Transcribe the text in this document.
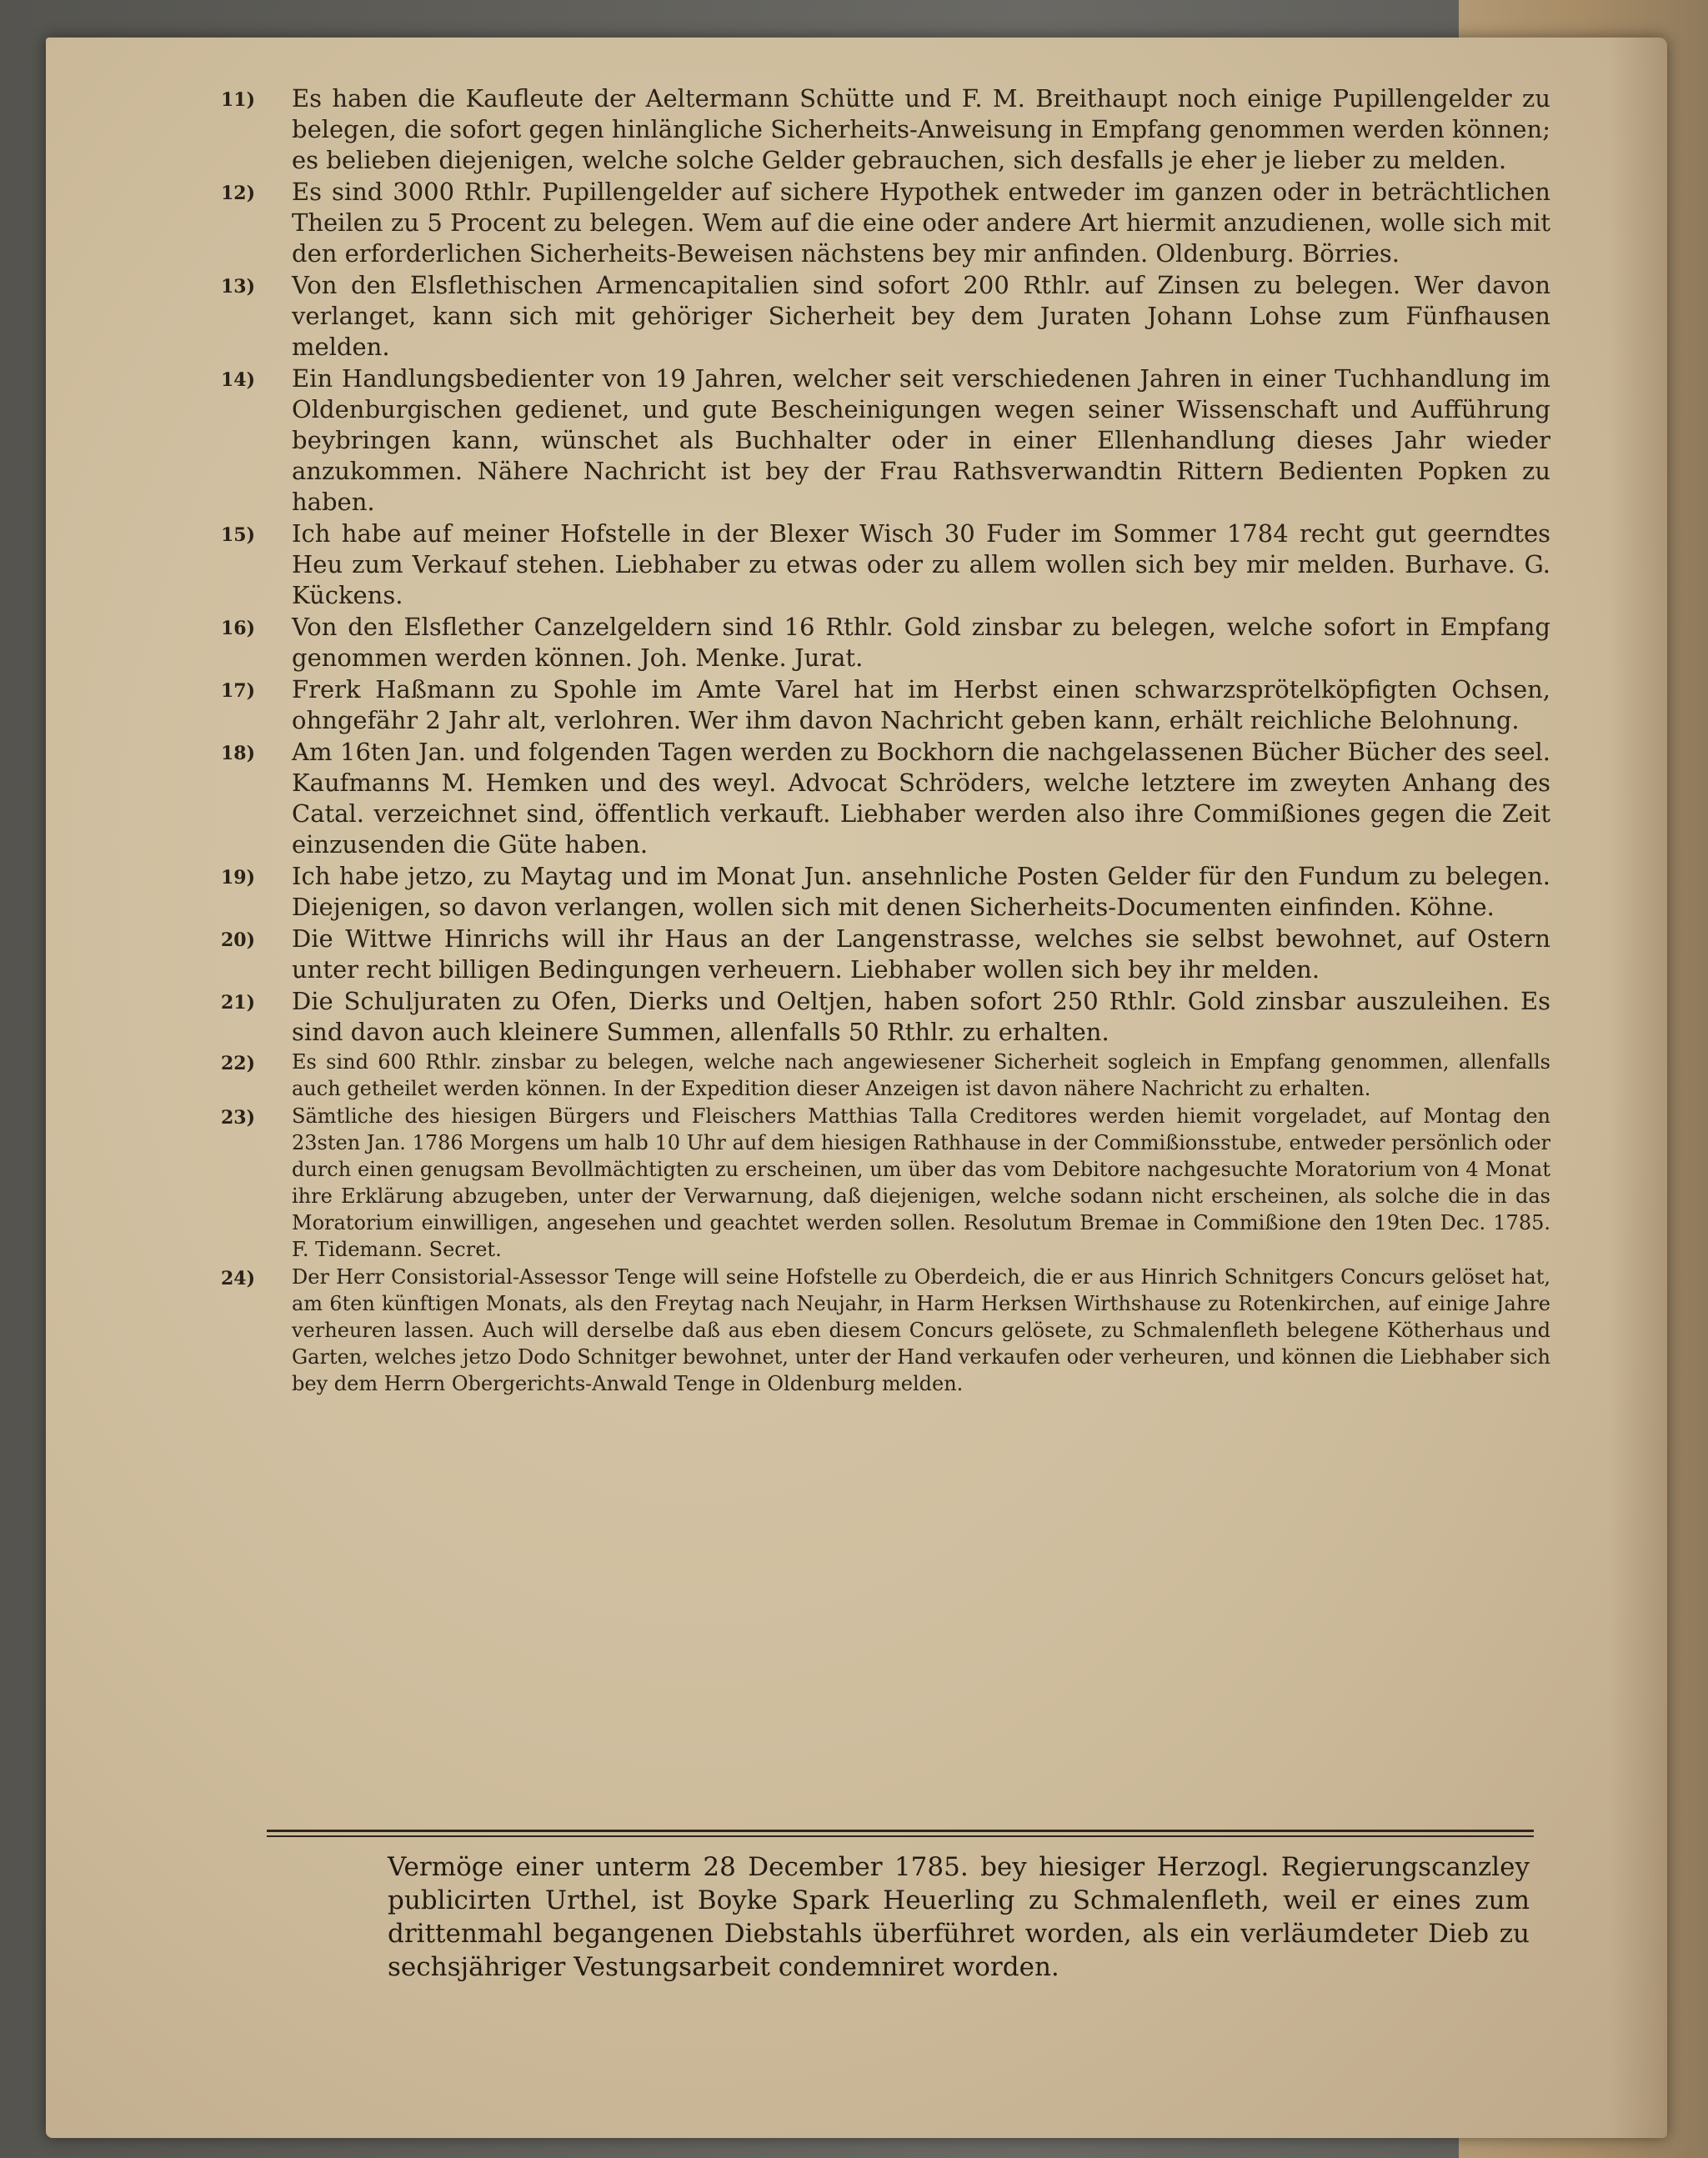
11)	Es haben die Kaufleute der Aeltermann Schütte und F. M. Breithaupt noch einige Pupillengelder zu belegen, die sofort gegen hinlängliche Sicherheits-Anweisung in Empfang genommen werden können; es belieben diejenigen, welche solche Gelder gebrauchen, sich desfalls je eher je lieber zu melden.
12)	Es sind 3000 Rthlr. Pupillengelder auf sichere Hypothek entweder im ganzen oder in beträchtlichen Theilen zu 5 Procent zu belegen. Wem auf die eine oder andere Art hiermit anzudienen, wolle sich mit den erforderlichen Sicherheits-Beweisen nächstens bey mir anfinden. Oldenburg. Börries.
13)	Von den Elsflethischen Armencapitalien sind sofort 200 Rthlr. auf Zinsen zu belegen. Wer davon verlanget, kann sich mit gehöriger Sicherheit bey dem Juraten Johann Lohse zum Fünfhausen melden.
14)	Ein Handlungsbedienter von 19 Jahren, welcher seit verschiedenen Jahren in einer Tuchhandlung im Oldenburgischen gedienet, und gute Bescheinigungen wegen seiner Wissenschaft und Aufführung beybringen kann, wünschet als Buchhalter oder in einer Ellenhandlung dieses Jahr wieder anzukommen. Nähere Nachricht ist bey der Frau Rathsverwandtin Rittern Bedienten Popken zu haben.
15)	Ich habe auf meiner Hofstelle in der Blexer Wisch 30 Fuder im Sommer 1784 recht gut geerndtes Heu zum Verkauf stehen. Liebhaber zu etwas oder zu allem wollen sich bey mir melden. Burhave. G. Kückens.
16)	Von den Elsflether Canzelgeldern sind 16 Rthlr. Gold zinsbar zu belegen, welche sofort in Empfang genommen werden können. Joh. Menke. Jurat.
17)	Frerk Haßmann zu Spohle im Amte Varel hat im Herbst einen schwarzsprötelköpfigten Ochsen, ohngefähr 2 Jahr alt, verlohren. Wer ihm davon Nachricht geben kann, erhält reichliche Belohnung.
18)	Am 16ten Jan. und folgenden Tagen werden zu Bockhorn die nachgelassenen Bücher Bücher des seel. Kaufmanns M. Hemken und des weyl. Advocat Schröders, welche letztere im zweyten Anhang des Catal. verzeichnet sind, öffentlich verkauft. Liebhaber werden also ihre Commißiones gegen die Zeit einzusenden die Güte haben.
19)	Ich habe jetzo, zu Maytag und im Monat Jun. ansehnliche Posten Gelder für den Fundum zu belegen. Diejenigen, so davon verlangen, wollen sich mit denen Sicherheits-Documenten einfinden. Köhne.
20)	Die Wittwe Hinrichs will ihr Haus an der Langenstrasse, welches sie selbst bewohnet, auf Ostern unter recht billigen Bedingungen verheuern. Liebhaber wollen sich bey ihr melden.
21)	Die Schuljuraten zu Ofen, Dierks und Oeltjen, haben sofort 250 Rthlr. Gold zinsbar auszuleihen. Es sind davon auch kleinere Summen, allenfalls 50 Rthlr. zu erhalten.
22)	Es sind 600 Rthlr. zinsbar zu belegen, welche nach angewiesener Sicherheit sogleich in Empfang genommen, allenfalls auch getheilet werden können. In der Expedition dieser Anzeigen ist davon nähere Nachricht zu erhalten.
23)	Sämtliche des hiesigen Bürgers und Fleischers Matthias Talla Creditores werden hiemit vorgeladet, auf Montag den 23sten Jan. 1786 Morgens um halb 10 Uhr auf dem hiesigen Rathhause in der Commißionsstube, entweder persönlich oder durch einen genugsam Bevollmächtigten zu erscheinen, um über das vom Debitore nachgesuchte Moratorium von 4 Monat ihre Erklärung abzugeben, unter der Verwarnung, daß diejenigen, welche sodann nicht erscheinen, als solche die in das Moratorium einwilligen, angesehen und geachtet werden sollen. Resolutum Bremae in Commißione den 19ten Dec. 1785. F. Tidemann. Secret.
24)	Der Herr Consistorial-Assessor Tenge will seine Hofstelle zu Oberdeich, die er aus Hinrich Schnitgers Concurs gelöset hat, am 6ten künftigen Monats, als den Freytag nach Neujahr, in Harm Herksen Wirthshause zu Rotenkirchen, auf einige Jahre verheuren lassen. Auch will derselbe daß aus eben diesem Concurs gelösete, zu Schmalenfleth belegene Kötherhaus und Garten, welches jetzo Dodo Schnitger bewohnet, unter der Hand verkaufen oder verheuren, und können die Liebhaber sich bey dem Herrn Obergerichts-Anwald Tenge in Oldenburg melden.
Vermöge einer unterm 28 December 1785. bey hiesiger Herzogl. Regierungscanzley publicirten Urthel, ist Boyke Spark Heuerling zu Schmalenfleth, weil er eines zum drittenmahl begangenen Diebstahls überführet worden, als ein verläumdeter Dieb zu sechsjähriger Vestungsarbeit condemniret worden.
